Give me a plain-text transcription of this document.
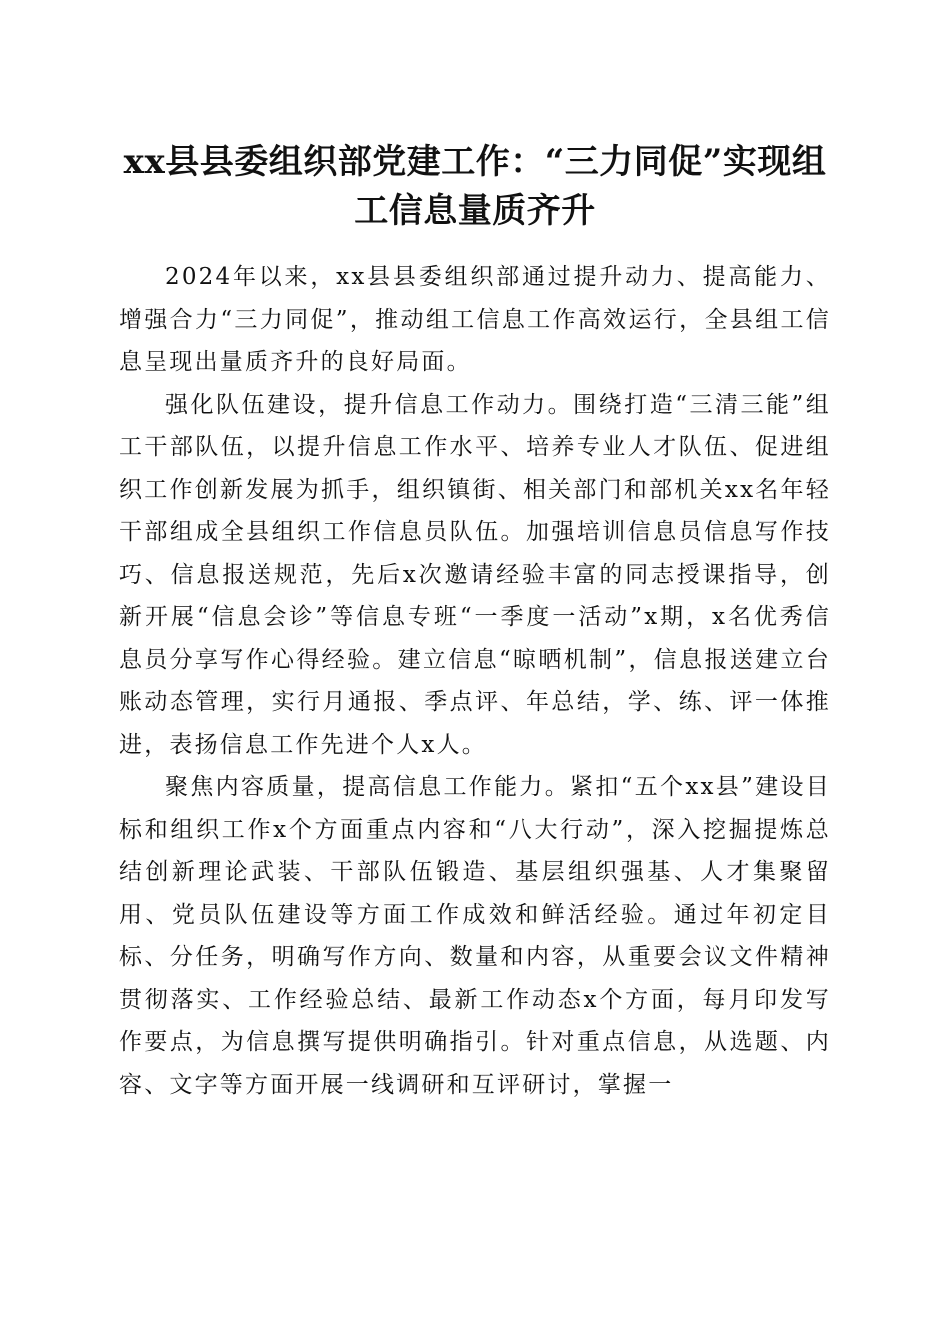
xx县县委组织部党建工作：“三力同促”实现组工信息量质齐升

2024年以来，xx县县委组织部通过提升动力、提高能力、增强合力“三力同促”，推动组工信息工作高效运行，全县组工信息呈现出量质齐升的良好局面。

强化队伍建设，提升信息工作动力。围绕打造“三清三能”组工干部队伍，以提升信息工作水平、培养专业人才队伍、促进组织工作创新发展为抓手，组织镇街、相关部门和部机关xx名年轻干部组成全县组织工作信息员队伍。加强培训信息员信息写作技巧、信息报送规范，先后x次邀请经验丰富的同志授课指导，创新开展“信息会诊”等信息专班“一季度一活动”x期，x名优秀信息员分享写作心得经验。建立信息“晾晒机制”，信息报送建立台账动态管理，实行月通报、季点评、年总结，学、练、评一体推进，表扬信息工作先进个人x人。

聚焦内容质量，提高信息工作能力。紧扣“五个xx县”建设目标和组织工作x个方面重点内容和“八大行动”，深入挖掘提炼总结创新理论武装、干部队伍锻造、基层组织强基、人才集聚留用、党员队伍建设等方面工作成效和鲜活经验。通过年初定目标、分任务，明确写作方向、数量和内容，从重要会议文件精神贯彻落实、工作经验总结、最新工作动态x个方面，每月印发写作要点，为信息撰写提供明确指引。针对重点信息，从选题、内容、文字等方面开展一线调研和互评研讨，掌握一
